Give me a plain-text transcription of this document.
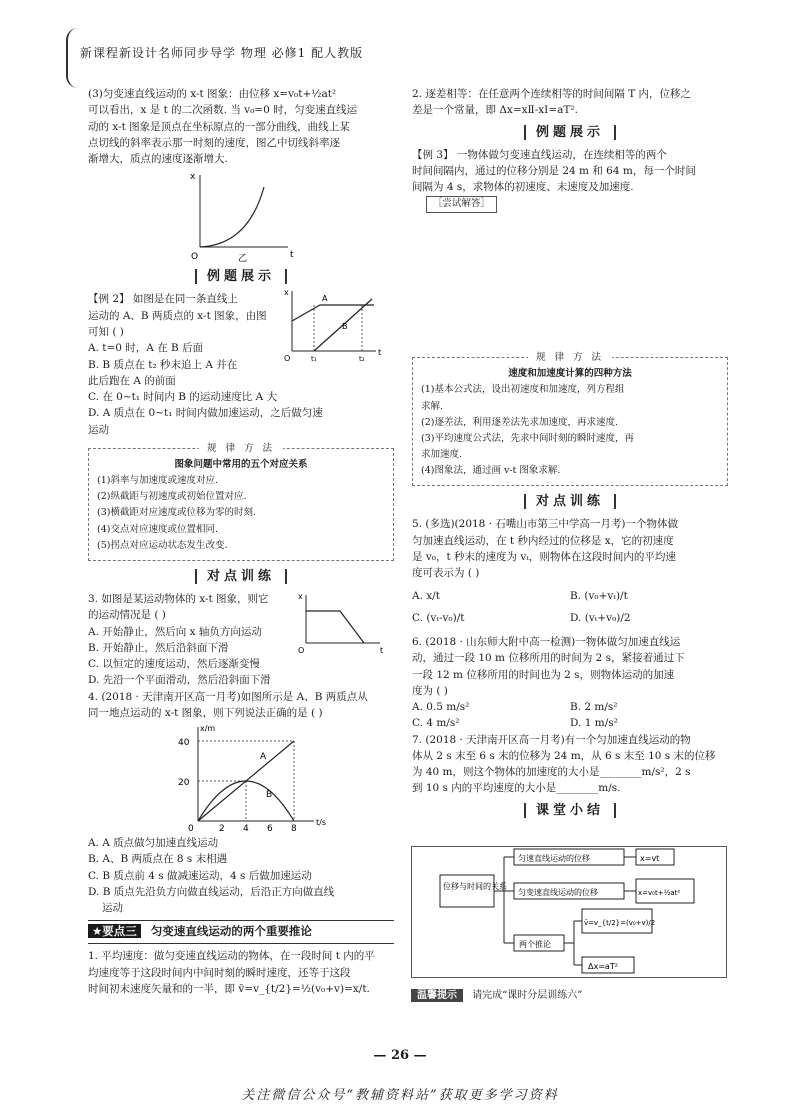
新课程新设计名师同步导学 物理 必修1 配人教版

(3)匀变速直线运动的 x-t 图象：由位移 x=v₀t+½at²

可以看出，x 是 t 的二次函数. 当 v₀=0 时，匀变速直线运

动的 x-t 图象是顶点在坐标原点的一部分曲线，曲线上某

点切线的斜率表示那一时刻的速度，图乙中切线斜率逐

渐增大，质点的速度逐渐增大.

x
t
O	乙
例题展示

【例 2】 如图是在同一条直线上

运动的 A、B 两质点的 x-t 图象，由图

可知 ( )

A. t=0 时，A 在 B 后面

B. B 质点在 t₂ 秒末追上 A 并在

此后跑在 A 的前面

C. 在 0~t₁ 时间内 B 的运动速度比 A 大

D. A 质点在 0~t₁ 时间内做加速运动，之后做匀速

运动

x
t
O
A
B
t₁	t₂
规 律 方 法
图象问题中常用的五个对应关系
(1)斜率与加速度或速度对应.
(2)纵截距与初速度或初始位置对应.
(3)横截距对应速度或位移为零的时刻.
(4)交点对应速度或位置相同.
(5)拐点对应运动状态发生改变.
对点训练

3. 如图是某运动物体的 x-t 图象，则它

的运动情况是 ( )

A. 开始静止，然后向 x 轴负方向运动

B. 开始静止，然后沿斜面下滑

C. 以恒定的速度运动，然后逐渐变慢

D. 先沿一个平面滑动，然后沿斜面下滑

x
t
O

4. (2018 · 天津南开区高一月考)如图所示是 A、B 两质点从

同一地点运动的 x-t 图象，则下列说法正确的是 ( )

x/m
t/s
40
20
0	2 4 6 8
A
B

A. A 质点做匀加速直线运动

B. A、B 两质点在 8 s 末相遇

C. B 质点前 4 s 做减速运动，4 s 后做加速运动

D. B 质点先沿负方向做直线运动，后沿正方向做直线

运动

★要点三 匀变速直线运动的两个重要推论

1. 平均速度：做匀变速直线运动的物体，在一段时间 t 内的平

均速度等于这段时间内中间时刻的瞬时速度，还等于这段

时间初末速度矢量和的一半，即 v̄=v_{t/2}=½(v₀+v)=x/t.

2. 逐差相等：在任意两个连续相等的时间间隔 T 内，位移之

差是一个常量，即 Δx=xⅡ-xⅠ=aT².

例题展示

【例 3】 一物体做匀变速直线运动，在连续相等的两个

时间间隔内，通过的位移分别是 24 m 和 64 m，每一个时间

间隔为 4 s，求物体的初速度、末速度及加速度.

［尝试解答］
规 律 方 法
速度和加速度计算的四种方法
(1)基本公式法，设出初速度和加速度，列方程组
求解.
(2)逐差法，利用逐差法先求加速度，再求速度.
(3)平均速度公式法，先求中间时刻的瞬时速度，再
求加速度.
(4)图象法，通过画 v-t 图象求解.
对点训练

5. (多选)(2018 · 石嘴山市第三中学高一月考)一个物体做

匀加速直线运动，在 t 秒内经过的位移是 x，它的初速度

是 v₀，t 秒末的速度为 vₜ，则物体在这段时间内的平均速

度可表示为 ( )

A. x/t	B. (v₀+vₜ)/t
C. (vₜ-v₀)/t	D. (vₜ+v₀)/2

6. (2018 · 山东师大附中高一检测)一物体做匀加速直线运

动，通过一段 10 m 位移所用的时间为 2 s，紧接着通过下

一段 12 m 位移所用的时间也为 2 s，则物体运动的加速

度为 ( )

A. 0.5 m/s²	B. 2 m/s²
C. 4 m/s²	D. 1 m/s²

7. (2018 · 天津南开区高一月考)有一个匀加速直线运动的物

体从 2 s 末至 6 s 末的位移为 24 m，从 6 s 末至 10 s 末的位移

为 40 m，则这个物体的加速度的大小是________m/s²，2 s

到 10 s 内的平均速度的大小是________m/s.

课堂小结
位移与时间的关系
匀速直线运动的位移	x=vt
匀变速直线运动的位移	x=v₀t+½at²
两个推论
v̄=v_{t/2}=(v₀+v)/2
Δx=aT²
温馨提示 请完成“课时分层训练六”
— 26 —
关注微信公众号“教辅资料站”获取更多学习资料
